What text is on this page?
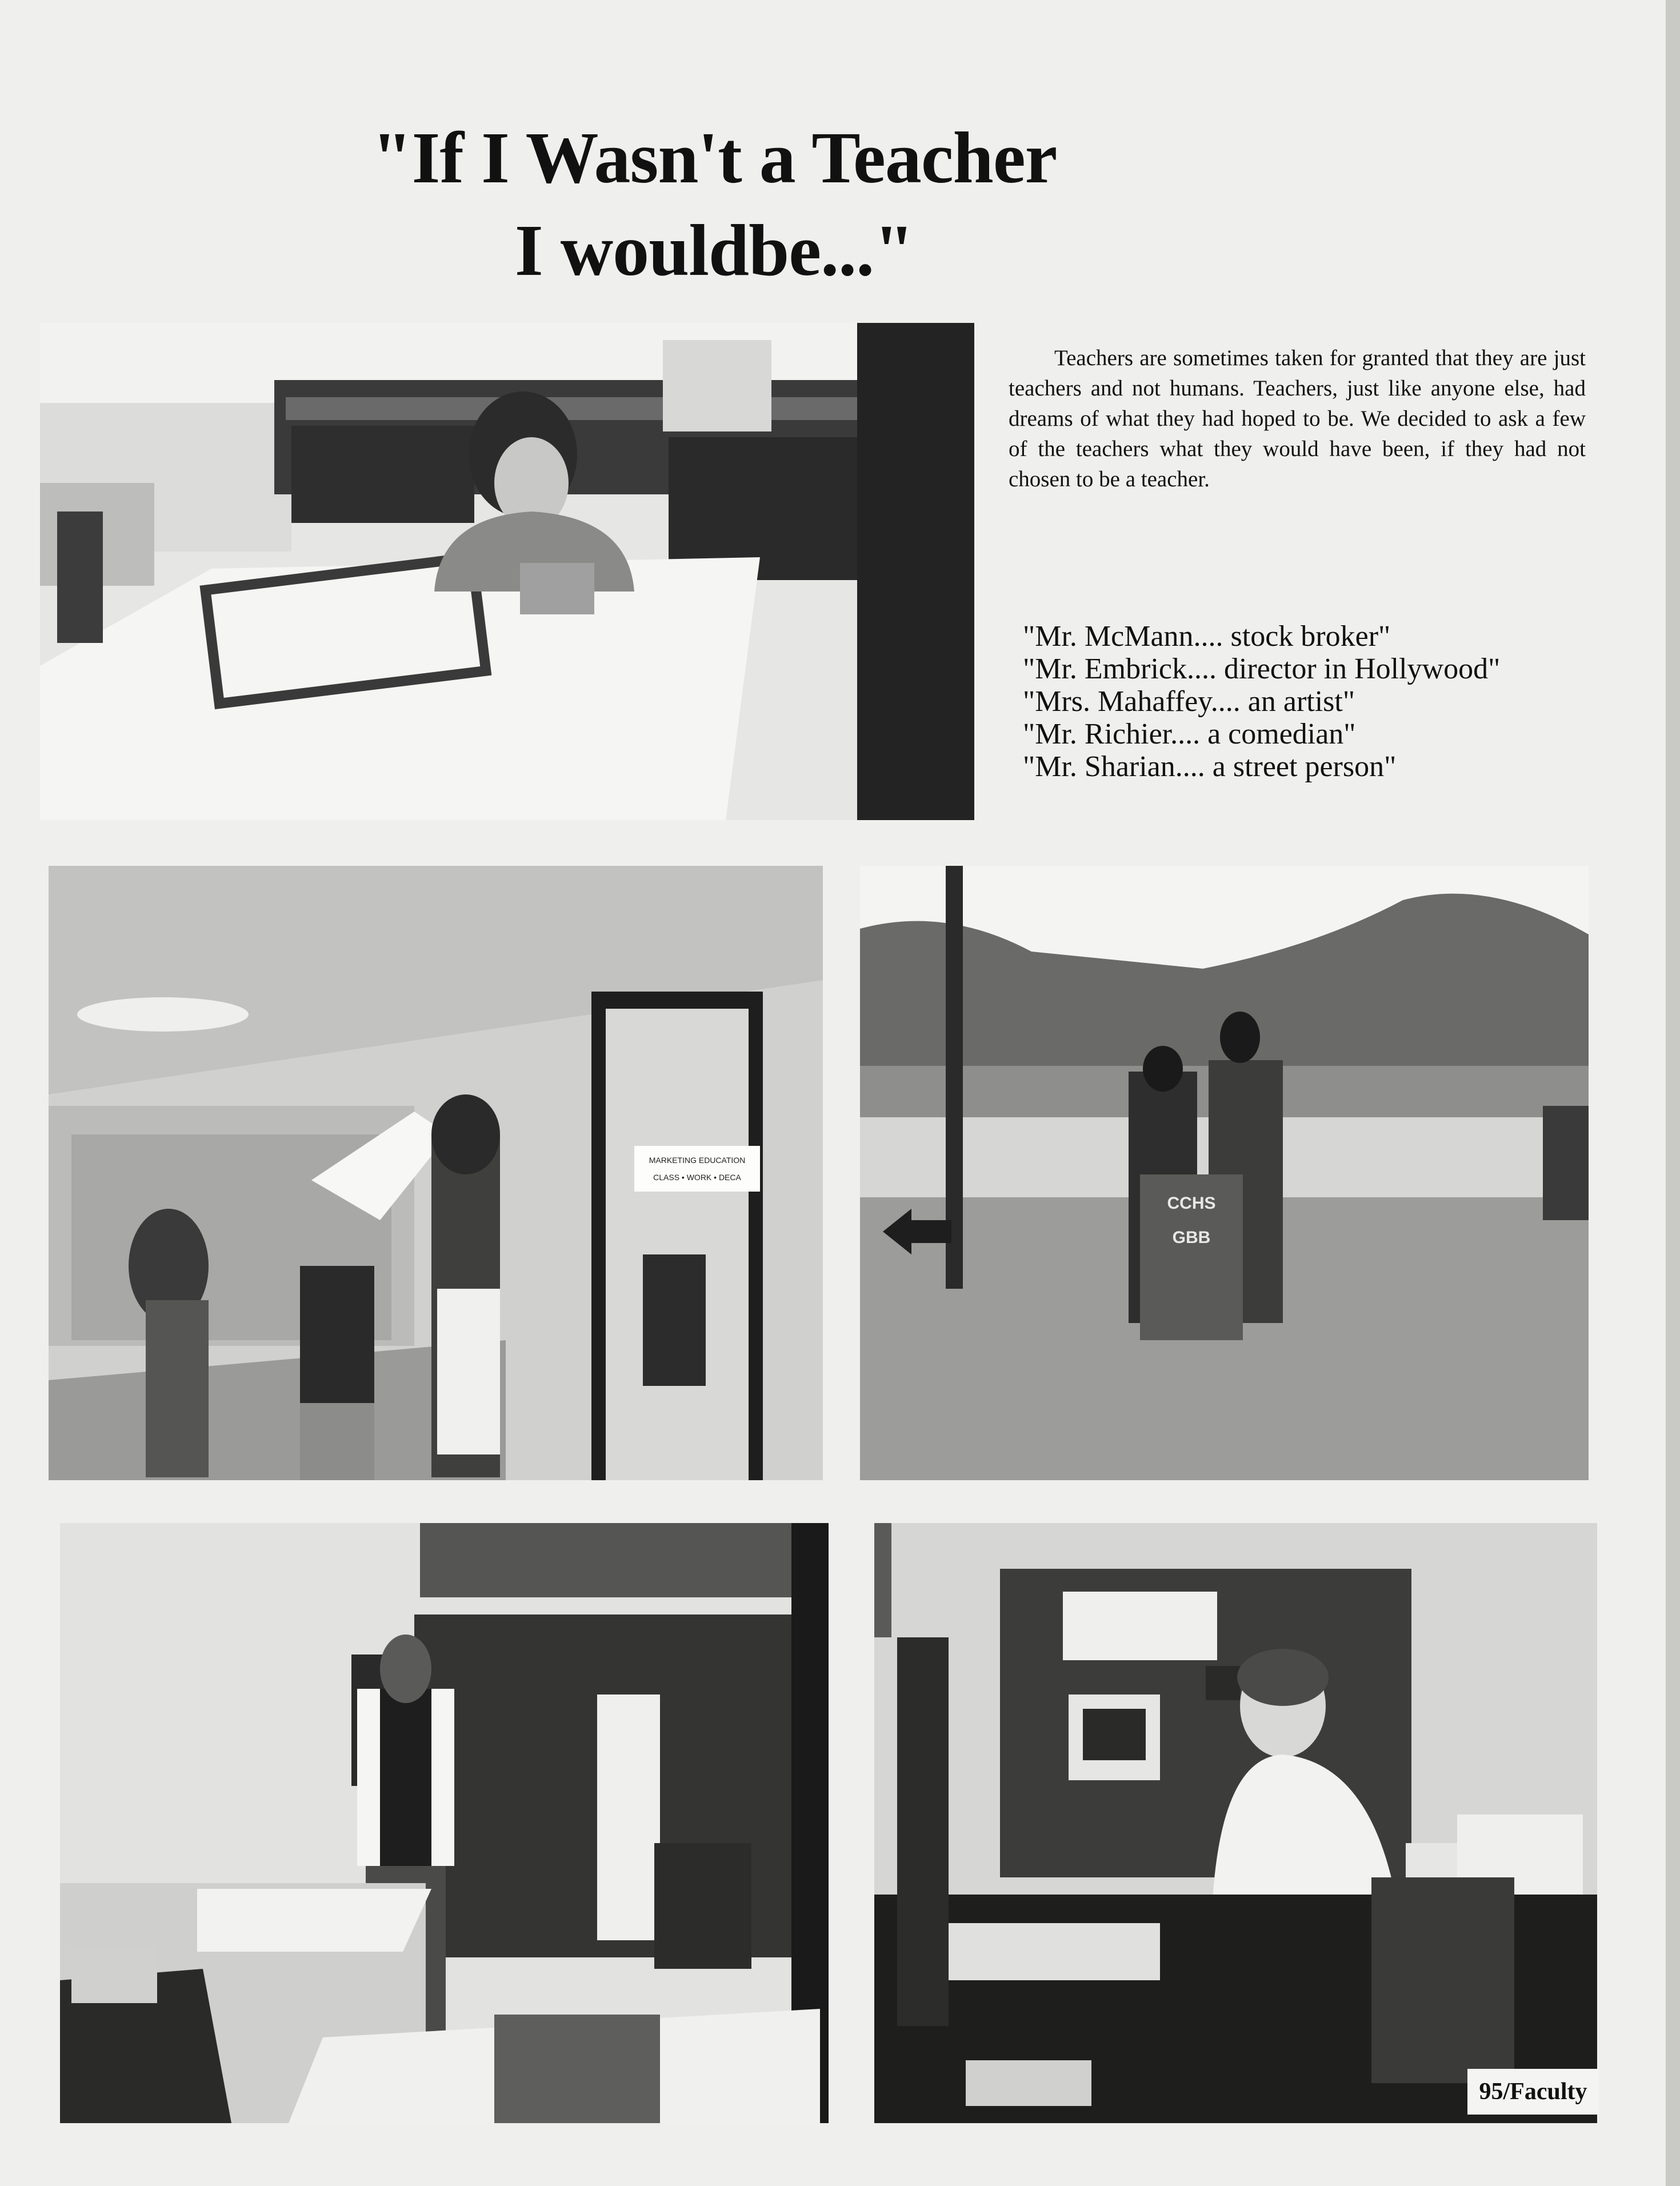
"If I Wasn't a Teacher
I wouldbe..."
Teachers are sometimes taken for granted that they are just teachers and not humans. Teachers, just like anyone else, had dreams of what they had hoped to be. We decided to ask a few of the teachers what they would have been, if they had not chosen to be a teacher.
"Mr. McMann.... stock broker"
"Mr. Embrick.... director in Hollywood"
"Mrs. Mahaffey.... an artist"
"Mr. Richier.... a comedian"
"Mr. Sharian.... a street person"
MARKETING EDUCATION
CLASS • WORK • DECA
CCHS
GBB
95/Faculty
